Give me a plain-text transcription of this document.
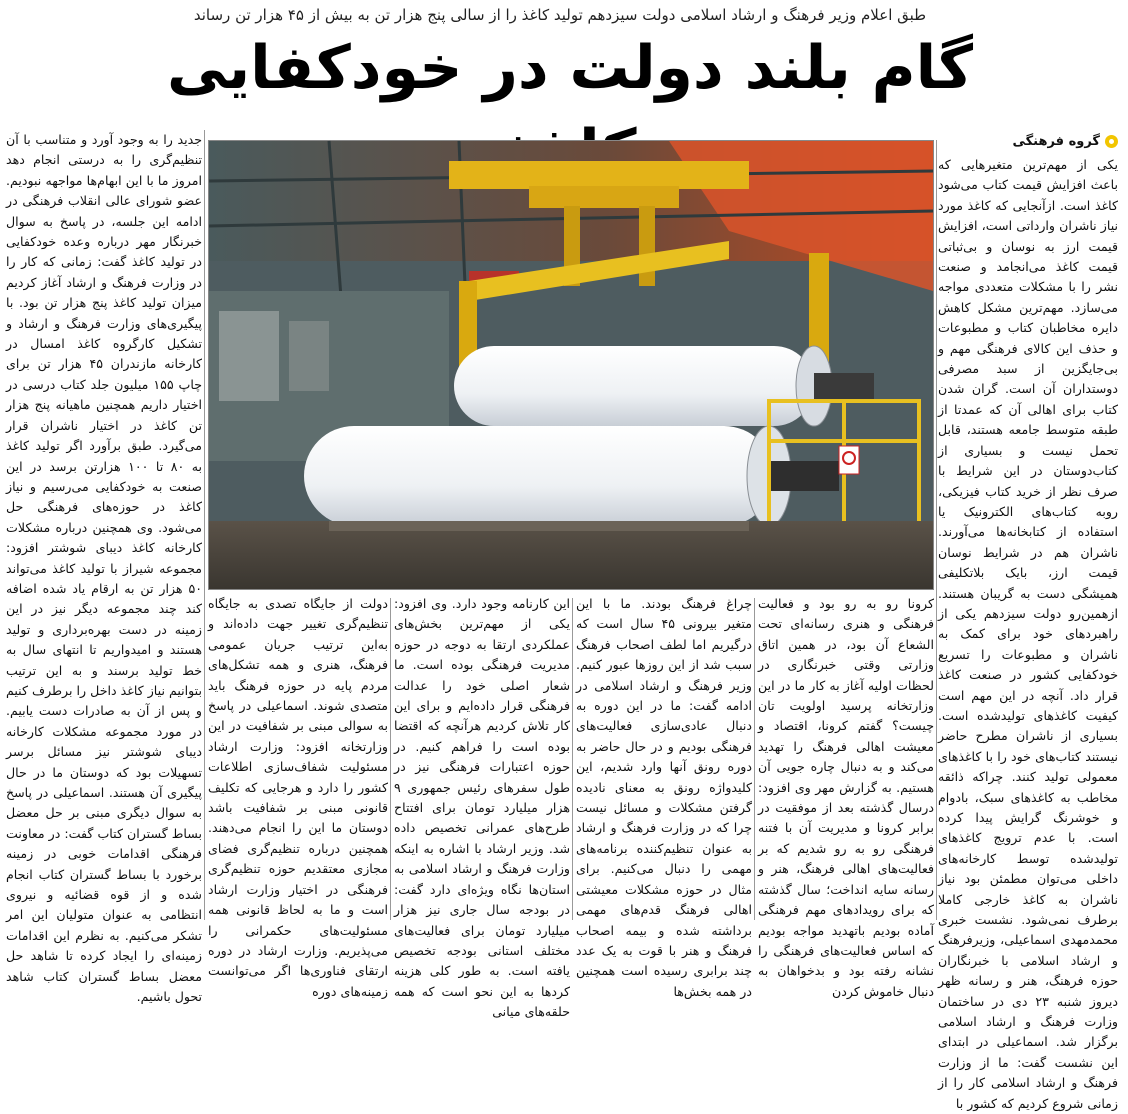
طبق اعلام وزیر فرهنگ و ارشاد اسلامی دولت سیزدهم تولید کاغذ را از سالی پنج هزار تن به بیش از ۴۵ هزار تن رساند
گام بلند دولت در خودکفایی
گروه فرهنگی

یکی از مهم‌ترین متغیرهایی که باعث افزایش قیمت کتاب می‌شود کاغذ است. ازآنجایی که کاغذ مورد نیاز ناشران وارداتی است، افزایش قیمت ارز به نوسان و بی‌ثباتی قیمت کاغذ می‌انجامد و صنعت نشر را با مشکلات متعددی مواجه می‌سازد. مهم‌ترین مشکل کاهش دایره مخاطبان کتاب و مطبوعات و حذف این کالای فرهنگی مهم و بی‌جایگزین از سبد مصرفی دوستداران آن است. گران شدن کتاب برای اهالی آن که عمدتا از طبقه متوسط جامعه هستند، قابل تحمل نیست و بسیاری از کتاب‌دوستان در این شرایط با صرف نظر از خرید کتاب فیزیکی، روبه کتاب‌های الکترونیک یا استفاده از کتابخانه‌ها می‌آورند. ناشران هم در شرایط نوسان قیمت ارز، بایک بلاتکلیفی همیشگی دست به گریبان هستند. ازهمین‌رو دولت سیزدهم یکی از راهبردهای خود برای کمک به ناشران و مطبوعات را تسریع خودکفایی کشور در صنعت کاغذ قرار داد. آنچه در این مهم است کیفیت کاغذهای تولیدشده است. بسیاری از ناشران مطرح حاضر نیستند کتاب‌های خود را با کاغذهای معمولی تولید کنند. چراکه ذائقه مخاطب به کاغذهای سبک، بادوام و خوشرنگ گرایش پیدا کرده است. با عدم ترویج کاغذهای تولیدشده توسط کارخانه‌های داخلی می‌توان مطمئن بود نیاز ناشران به کاغذ خارجی کاملا برطرف نمی‌شود. نشست خبری محمدمهدی اسماعیلی، وزیرفرهنگ و ارشاد اسلامی با خبرنگاران حوزه فرهنگ، هنر و رسانه ظهر دیروز شنبه ۲۳ دی در ساختمان وزارت فرهنگ و ارشاد اسلامی برگزار شد. اسماعیلی در ابتدای این نشست گفت: ما از وزارت فرهنگ و ارشاد اسلامی کار را از زمانی شروع کردیم که کشور با

کرونا رو به رو بود و فعالیت فرهنگی و هنری رسانه‌ای تحت الشعاع آن بود، در همین اتاق وزارتی وقتی خبرنگاری در لحظات اولیه آغاز به کار ما در این وزارتخانه پرسید اولویت تان چیست؟ گفتم کرونا، اقتصاد و معیشت اهالی فرهنگ را تهدید می‌کند و به دنبال چاره جویی آن هستیم. به گزارش مهر وی افزود: درسال گذشته بعد از موفقیت در برابر کرونا و مدیریت آن با فتنه فرهنگی رو به رو شدیم که بر فعالیت‌های اهالی فرهنگ، هنر و رسانه سایه انداخت؛ سال گذشته که برای رویدادهای مهم فرهنگی آماده بودیم باتهدید مواجه بودیم که اساس فعالیت‌های فرهنگی را نشانه رفته بود و بدخواهان به دنبال خاموش کردن

چراغ فرهنگ بودند. ما با این متغیر بیرونی ۴۵ سال است که درگیریم اما لطف اصحاب فرهنگ سبب شد از این روزها عبور کنیم. وزیر فرهنگ و ارشاد اسلامی در ادامه گفت: ما در این دوره به دنبال عادی‌سازی فعالیت‌های فرهنگی بودیم و در حال حاضر به دوره رونق آنها وارد شدیم، این کلیدواژه رونق به معنای نادیده گرفتن مشکلات و مسائل نیست چرا که در وزارت فرهنگ و ارشاد به عنوان تنظیم‌کننده برنامه‌های مهمی را دنبال می‌کنیم. برای مثال در حوزه مشکلات معیشتی اهالی فرهنگ قدم‌های مهمی برداشته شده و بیمه اصحاب فرهنگ و هنر با قوت به یک عدد چند برابری رسیده است همچنین در همه بخش‌ها

این کارنامه وجود دارد. وی افزود: یکی از مهم‌ترین بخش‌های عملکردی ارتقا به دوجه در حوزه مدیریت فرهنگی بوده است. ما شعار اصلی خود را عدالت فرهنگی قرار داده‌ایم و برای این کار تلاش کردیم هرآنچه که اقتضا بوده است را فراهم کنیم. در حوزه اعتبارات فرهنگی نیز در طول سفرهای رئیس جمهوری ۹ هزار میلیارد تومان برای افتتاح طرح‌های عمرانی تخصیص داده شد. وزیر ارشاد با اشاره به اینکه وزارت فرهنگ و ارشاد اسلامی به استان‌ها نگاه ویژه‌ای دارد گفت: در بودجه سال جاری نیز هزار میلیارد تومان برای فعالیت‌های مختلف استانی بودجه تخصیص یافته است. به طور کلی هزینه کردها به این نحو است که همه حلقه‌های میانی

دولت از جایگاه تصدی به جایگاه تنظیم‌گری تغییر جهت داده‌اند و به‌این ترتیب جریان عمومی فرهنگ، هنری و همه تشکل‌های مردم پایه در حوزه فرهنگ باید متصدی شوند. اسماعیلی در پاسخ به سوالی مبنی بر شفافیت در این وزارتخانه افزود: وزارت ارشاد مسئولیت شفاف‌سازی اطلاعات کشور را دارد و هرجایی که تکلیف قانونی مبنی بر شفافیت باشد دوستان ما این را انجام می‌دهند. همچنین درباره تنظیم‌گری فضای مجازی معتقدیم حوزه تنظیم‌گری فرهنگی در اختیار وزارت ارشاد است و ما به لحاظ قانونی همه مسئولیت‌های حکمرانی را می‌پذیریم. وزارت ارشاد در دوره ارتقای فناوری‌ها اگر می‌توانست زمینه‌های دوره

جدید را به وجود آورد و متناسب با آن تنظیم‌گری را به درستی انجام دهد امروز ما با این ابهام‌ها مواجهه نبودیم. عضو شورای عالی انقلاب فرهنگی در ادامه این جلسه، در پاسخ به سوال خبرنگار مهر درباره وعده خودکفایی در تولید کاغذ گفت: زمانی که کار را در وزارت فرهنگ و ارشاد آغاز کردیم میزان تولید کاغذ پنج هزار تن بود. با پیگیری‌های وزارت فرهنگ و ارشاد و تشکیل کارگروه کاغذ امسال در کارخانه مازندران ۴۵ هزار تن برای چاپ ۱۵۵ میلیون جلد کتاب درسی در اختیار داریم همچنین ماهیانه پنج هزار تن کاغذ در اختیار ناشران قرار می‌گیرد. طبق برآورد اگر تولید کاغذ به ۸۰ تا ۱۰۰ هزارتن برسد در این صنعت به خودکفایی می‌رسیم و نیاز کاغذ در حوزه‌های فرهنگی حل می‌شود. وی همچنین درباره مشکلات کارخانه کاغذ دیبای شوشتر افزود: مجموعه شیراز با تولید کاغذ می‌تواند ۵۰ هزار تن به ارقام یاد شده اضافه کند چند مجموعه دیگر نیز در این زمینه در دست بهره‌برداری و تولید هستند و امیدواریم تا انتهای سال به خط تولید برسند و به این ترتیب بتوانیم نیاز کاغذ داخل را برطرف کنیم و پس از آن به صادرات دست یابیم. در مورد مجموعه مشکلات کارخانه دیبای شوشتر نیز مسائل برسر تسهیلات بود که دوستان ما در حال پیگیری آن هستند. اسماعیلی در پاسخ به سوال دیگری مبنی بر حل معضل بساط گستران کتاب گفت: در معاونت فرهنگی اقدامات خوبی در زمینه برخورد با بساط گستران کتاب انجام شده و از قوه قضائیه و نیروی انتظامی به عنوان متولیان این امر تشکر می‌کنیم. به نظرم این اقدامات زمینه‌ای را ایجاد کرده تا شاهد حل معضل بساط گستران کتاب شاهد تحول باشیم.
